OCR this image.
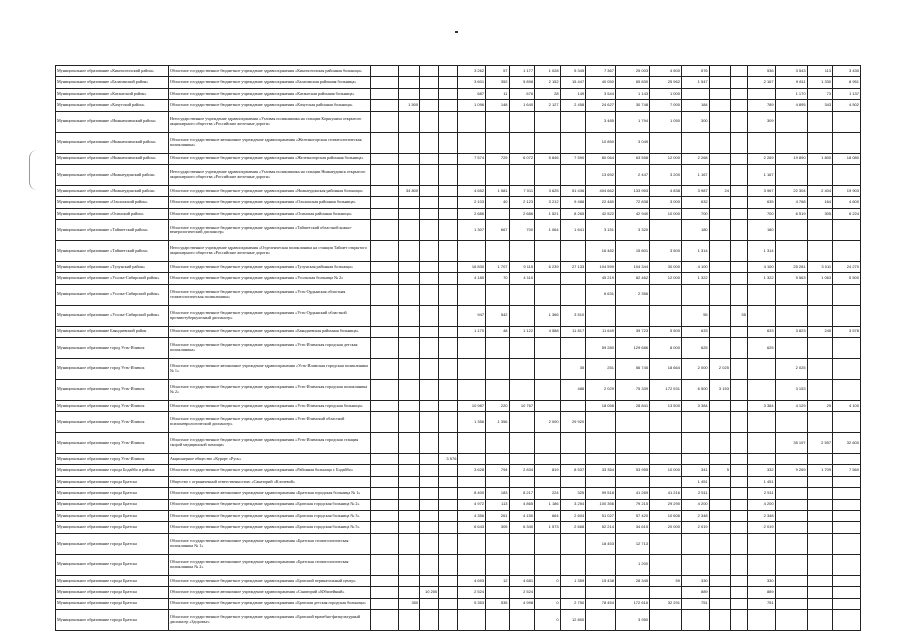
Муниципальное образование «Кингисеппский район»	Областное государственное бюджетное учреждение здравоохранения «Кингисеппская районная больница»					3 262	57	1 177	1 028	5 345	7 367	25 003	4 500	576			536	3 543	113	3 430
Муниципальное образование «Балаганский район»	Областное государственное бюджетное учреждение здравоохранения «Балаганская районная больница»					3 601	352	5 898	2 152	15 447	40 050	65 830	25 962	1 547			2 167	9 811	1 330	8 951
Муниципальное образование «Катангский район»	Областное государственное бюджетное учреждение здравоохранения «Катангская районная больница»					687	11	676	28	149	3 544	1 143	1 000					1 170	73	1 137
Муниципальное образование «Качугский район»	Областное государственное бюджетное учреждение здравоохранения «Качугская районная больница»		1 500			1 096	148	1 640	2 127	2 458	24 627	30 748	7 000	184			789	4 895	343	4 502
Муниципальное образование «Нижнеилимский район»	Негосударственное учреждение здравоохранения «Узловая поликлиника на станции Коршуниха открытого акционерного общества «Российские железные дороги»										3 485	1 794	1 050	300			309			
Муниципальное образование «Нижнеилимский район»	Областное государственное автономное учреждение здравоохранения «Железногорская стоматологическая поликлиника»										10 850	3 049								
Муниципальное образование «Нижнеилимский район»	Областное государственное бюджетное учреждение здравоохранения «Железногорская районная больница»					7 574	729	6 072	5 846	7 590	80 064	63 558	12 000	2 268			2 269	19 890	1 800	18 080
Муниципальное образование «Нижнеудинский район»	Негосударственное учреждение здравоохранения «Узловая поликлиника на станции Нижнеудинск открытого акционерного общества «Российские железные дороги»										13 692	2 447	3 200	1 167			1 167			
Муниципальное образование «Нижнеудинский район»	Областное государственное бюджетное учреждение здравоохранения «Нижнеудинская районная больница»		34 800			4 652	1 581	7 011	3 625	51 436	404 662	133 953	4 838	3 987	24		3 967	22 304	2 404	19 903
Муниципальное образование «Ольхонский район»	Областное государственное бюджетное учреждение здравоохранения «Ольхонская районная больница»					2 103	40	2 123	3 212	9 488	22 480	72 838	3 000	632			635	4 768	164	4 600
Муниципальное образование «Осинский район»	Областное государственное бюджетное учреждение здравоохранения «Осинская районная больница»					2 686		2 686	1 521	8 265	42 522	42 940	10 000	700			700	6 519	305	6 224
Муниципальное образование «Тайшетский район»	Областное государственное бюджетное учреждение здравоохранения «Тайшетский областной кожно-венерологический диспансер»					1 307	667	700	1 064	1 641	3 151	3 320		180			180			
Муниципальное образование «Тайшетский район»	Негосударственное учреждение здравоохранения «Отделенческая поликлиника на станции Тайшет открытого акционерного общества «Российские железные дороги»										16 482	15 801	3 500	1 314			1 314			
Муниципальное образование «Тулунский район»	Областное государственное бюджетное учреждение здравоохранения «Тулунская районная больница»					16 830	1 707	9 115	6 239	27 133	104 599	104 344	30 000	4 100			4 100	25 281	3 011	24 270
Муниципальное образование «Усолье-Сибирский район»	Областное государственное бюджетное учреждение здравоохранения «Усольская больница № 2»					4 180	70	4 110			45 219	82 462	12 000	1 322			1 322	5 563	1 063	5 500
Муниципальное образование «Усолье-Сибирский район»	Областное государственное бюджетное учреждение здравоохранения «Усть-Ордынская областная стоматологическая поликлиника»										6 631	2 356								
Муниципальное образование «Усолье-Сибирский район»	Областное государственное бюджетное учреждение здравоохранения «Усть-Ордынский областной противотуберкулезный диспансер»					947	542		1 366	3 510				55		55				
Муниципальное образование Баяндаевский район	Областное государственное бюджетное учреждение здравоохранения «Баяндаевская районная больница»					1 170	48	1 122	4 588	11 817	11 649	39 723	5 500	633			633	3 823	245	3 578
Муниципальное образование город Усть-Илимск	Областное государственное бюджетное учреждение здравоохранения «Усть-Илимская городская детская поликлиника»										59 280	129 686	8 000	625			625			
Муниципальное образование город Усть-Илимск	Областное государственное автономное учреждение здравоохранения «Усть-Илимская городская поликлиника № 1»									35	251	56 745	18 664	2 000	2 025			2 025		
Муниципальное образование город Усть-Илимск	Областное государственное бюджетное учреждение здравоохранения «Усть-Илимская городская поликлиника № 2»									488	2 029	75 339	172 531	6 500	3 153			3 153		
Муниципальное образование город Усть-Илимск	Областное государственное бюджетное учреждение здравоохранения «Усть-Илимская городская больница»					10 987	220	10 767			18 058	28 841	13 500	3 384			3 384	4 129	29	4 100
Муниципальное образование город Усть-Илимск	Областное государственное бюджетное учреждение здравоохранения «Усть-Илимский областной психоневрологический диспансер»					1 356	1 356		2 000	29 920										
Муниципальное образование город Усть-Илимск	Областное государственное бюджетное учреждение здравоохранения «Усть-Илимская городская станция скорой медицинской помощи»																	35 197	2 597	32 600
Муниципальное образование город Усть-Илимск	Акционерное общество «Курорт «Русь»				3 576															
Муниципальное образование города Бодайбо и района	Областное государственное бюджетное учреждение здравоохранения «Районная больница г. Бодайбо»					3 628	794	2 834	819	8 537	33 354	53 955	10 000	341	5		332	9 269	1 709	7 560
Муниципальное образование города Братска	Общество с ограниченной ответственностью «Санаторий «Клочевой»													1 451			1 451			
Муниципальное образование города Братска	Областное государственное автономное учреждение здравоохранения «Братская городская больница № 1»					8 400	183	8 217	224	325	99 518	41 269	41 216	2 511			2 511			
Муниципальное образование города Братска	Областное государственное бюджетное учреждение здравоохранения «Братская городская больница № 2»					4 972	113	4 865	1 186	3 254	100 356	79 215	29 290	4 200			4 200			
Муниципальное образование города Братска	Областное государственное бюджетное учреждение здравоохранения «Братская городская больница № 3»					4 356	261	4 150	664	2 604	51 027	57 420	10 606	2 348			2 348			
Муниципальное образование города Братска	Областное государственное бюджетное учреждение здравоохранения «Братская городская больница № 5»					6 643	305	6 340	1 573	2 668	52 214	34 615	20 000	2 019			2 019			
Муниципальное образование города Братска	Областное государственное автономное учреждение здравоохранения «Братская стоматологическая поликлиника № 1»										18 453	12 713								
Муниципальное образование города Братска	Областное государственное автономное учреждение здравоохранения «Братская стоматологическая поликлиника № 2»											1 200								
Муниципальное образование города Братска	Областное государственное бюджетное учреждение здравоохранения «Братский перинатальный центр»					4 693	12	4 681	0	1 359	15 438	28 345	59	330			330			
Муниципальное образование города Братска	Областное государственное автономное учреждение здравоохранения «Санаторий «Юбилейный»			10 200		2 524		2 524						889			889			
Муниципальное образование города Братска	Областное государственное бюджетное учреждение здравоохранения «Братская детская городская больница»		350			5 353	535	4 998	0	2 750	78 454	172 616	32 291	751			751			
Муниципальное образование города Братска	Областное государственное бюджетное учреждение здравоохранения «Братский врачебно-физкультурный диспансер «Здоровье»								0	12 800		3 950								
